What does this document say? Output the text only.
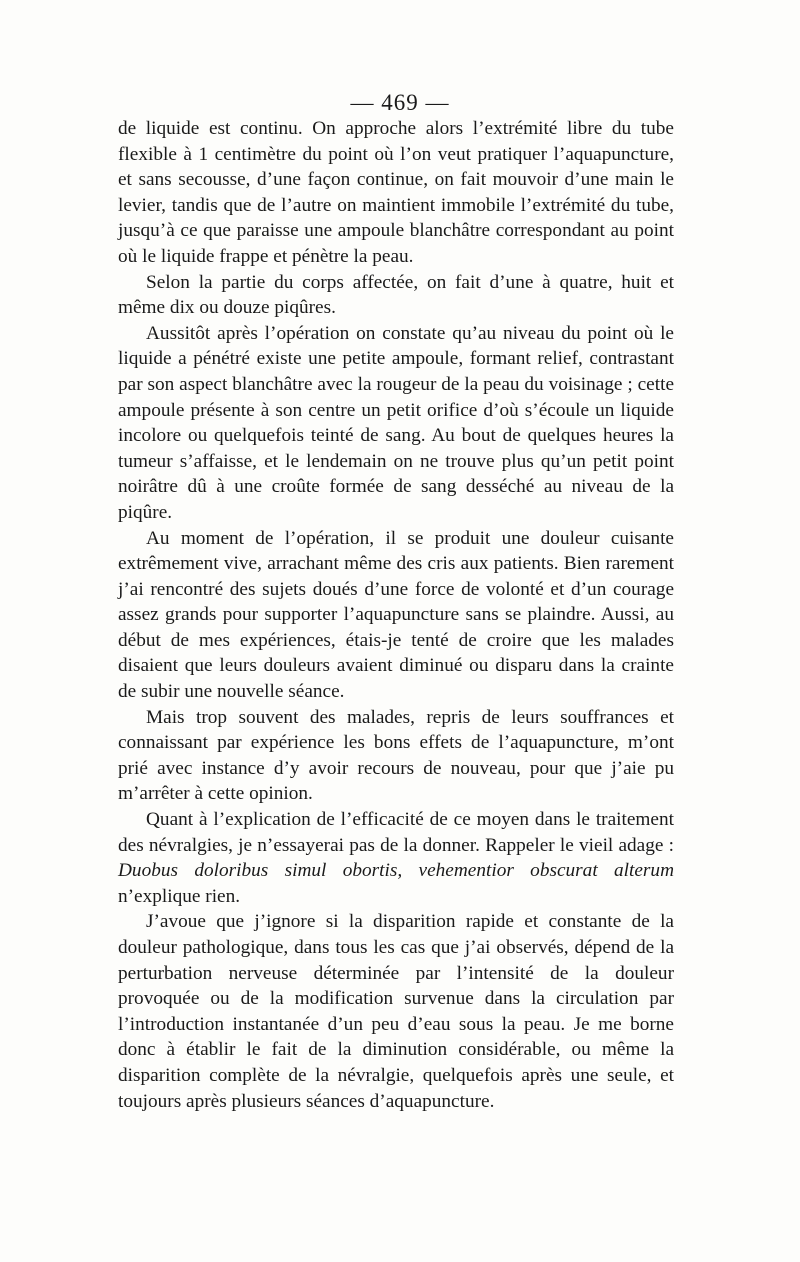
— 469 —

de liquide est continu. On approche alors l’extrémité libre du tube flexible à 1 centimètre du point où l’on veut pratiquer l’aquapuncture, et sans secousse, d’une façon continue, on fait mouvoir d’une main le levier, tandis que de l’autre on maintient immobile l’extrémité du tube, jusqu’à ce que paraisse une ampoule blanchâtre correspondant au point où le liquide frappe et pénètre la peau.

Selon la partie du corps affectée, on fait d’une à quatre, huit et même dix ou douze piqûres.

Aussitôt après l’opération on constate qu’au niveau du point où le liquide a pénétré existe une petite ampoule, formant relief, contrastant par son aspect blanchâtre avec la rougeur de la peau du voisinage ; cette ampoule présente à son centre un petit orifice d’où s’écoule un liquide incolore ou quelquefois teinté de sang. Au bout de quelques heures la tumeur s’affaisse, et le lendemain on ne trouve plus qu’un petit point noirâtre dû à une croûte formée de sang desséché au niveau de la piqûre.

Au moment de l’opération, il se produit une douleur cuisante extrêmement vive, arrachant même des cris aux patients. Bien rarement j’ai rencontré des sujets doués d’une force de volonté et d’un courage assez grands pour supporter l’aquapuncture sans se plaindre. Aussi, au début de mes expériences, étais-je tenté de croire que les malades disaient que leurs douleurs avaient diminué ou disparu dans la crainte de subir une nouvelle séance.

Mais trop souvent des malades, repris de leurs souffrances et connaissant par expérience les bons effets de l’aquapuncture, m’ont prié avec instance d’y avoir recours de nouveau, pour que j’aie pu m’arrêter à cette opinion.

Quant à l’explication de l’efficacité de ce moyen dans le traitement des névralgies, je n’essayerai pas de la donner. Rappeler le vieil adage : Duobus doloribus simul obortis, vehementior obscurat alterum n’explique rien.

J’avoue que j’ignore si la disparition rapide et constante de la douleur pathologique, dans tous les cas que j’ai observés, dépend de la perturbation nerveuse déterminée par l’intensité de la douleur provoquée ou de la modification survenue dans la circulation par l’introduction instantanée d’un peu d’eau sous la peau. Je me borne donc à établir le fait de la diminution considérable, ou même la disparition complète de la névralgie, quelquefois après une seule, et toujours après plusieurs séances d’aquapuncture.
